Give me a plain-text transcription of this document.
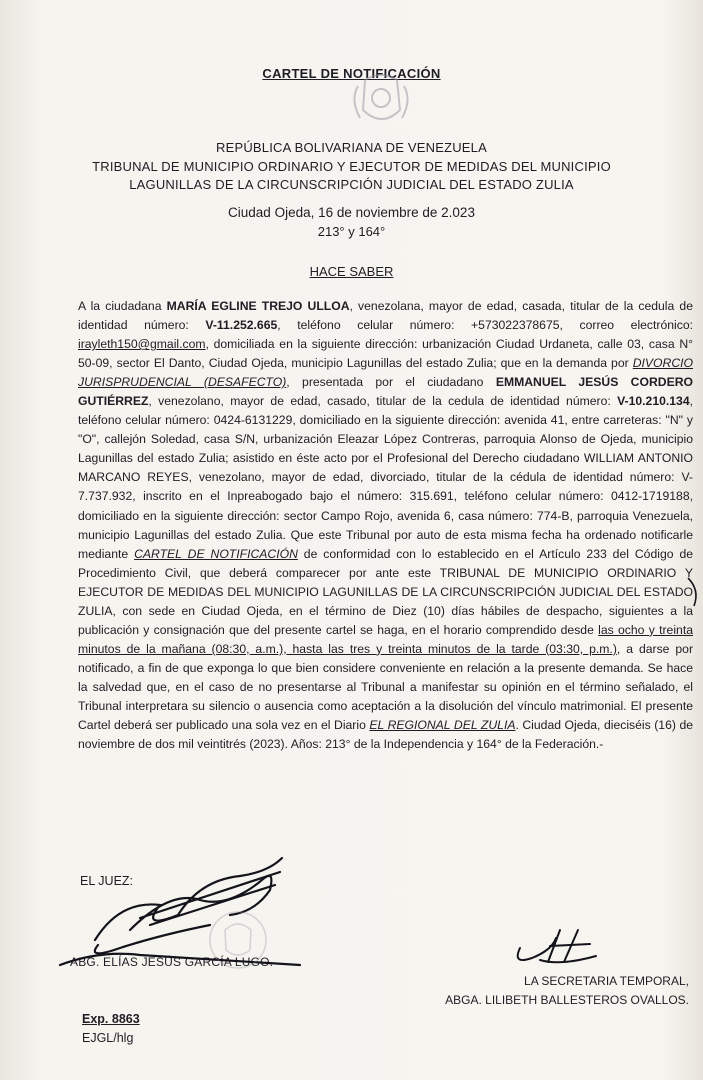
CARTEL DE NOTIFICACIÓN
REPÚBLICA BOLIVARIANA DE VENEZUELA
TRIBUNAL DE MUNICIPIO ORDINARIO Y EJECUTOR DE MEDIDAS DEL MUNICIPIO
LAGUNILLAS DE LA CIRCUNSCRIPCIÓN JUDICIAL DEL ESTADO ZULIA
Ciudad Ojeda, 16 de noviembre de 2.023
213° y 164°
HACE SABER
A la ciudadana MARÍA EGLINE TREJO ULLOA, venezolana, mayor de edad, casada, titular de la cedula de identidad número: V-11.252.665, teléfono celular número: +573022378675, correo electrónico: irayleth150@gmail.com, domiciliada en la siguiente dirección: urbanización Ciudad Urdaneta, calle 03, casa N° 50-09, sector El Danto, Ciudad Ojeda, municipio Lagunillas del estado Zulia; que en la demanda por DIVORCIO JURISPRUDENCIAL (DESAFECTO), presentada por el ciudadano EMMANUEL JESÚS CORDERO GUTIÉRREZ, venezolano, mayor de edad, casado, titular de la cedula de identidad número: V-10.210.134, teléfono celular número: 0424-6131229, domiciliado en la siguiente dirección: avenida 41, entre carreteras: "N" y "O", callejón Soledad, casa S/N, urbanización Eleazar López Contreras, parroquia Alonso de Ojeda, municipio Lagunillas del estado Zulia; asistido en éste acto por el Profesional del Derecho ciudadano WILLIAM ANTONIO MARCANO REYES, venezolano, mayor de edad, divorciado, titular de la cédula de identidad número: V-7.737.932, inscrito en el Inpreabogado bajo el número: 315.691, teléfono celular número: 0412-1719188, domiciliado en la siguiente dirección: sector Campo Rojo, avenida 6, casa número: 774-B, parroquia Venezuela, municipio Lagunillas del estado Zulia. Que este Tribunal por auto de esta misma fecha ha ordenado notificarle mediante CARTEL DE NOTIFICACIÓN de conformidad con lo establecido en el Artículo 233 del Código de Procedimiento Civil, que deberá comparecer por ante este TRIBUNAL DE MUNICIPIO ORDINARIO Y EJECUTOR DE MEDIDAS DEL MUNICIPIO LAGUNILLAS DE LA CIRCUNSCRIPCIÓN JUDICIAL DEL ESTADO ZULIA, con sede en Ciudad Ojeda, en el término de Diez (10) días hábiles de despacho, siguientes a la publicación y consignación que del presente cartel se haga, en el horario comprendido desde las ocho y treinta minutos de la mañana (08:30, a.m.), hasta las tres y treinta minutos de la tarde (03:30, p.m.), a darse por notificado, a fin de que exponga lo que bien considere conveniente en relación a la presente demanda. Se hace la salvedad que, en el caso de no presentarse al Tribunal a manifestar su opinión en el término señalado, el Tribunal interpretara su silencio o ausencia como aceptación a la disolución del vínculo matrimonial. El presente Cartel deberá ser publicado una sola vez en el Diario EL REGIONAL DEL ZULIA. Ciudad Ojeda, dieciséis (16) de noviembre de dos mil veintitrés (2023). Años: 213° de la Independencia y 164° de la Federación.-
EL JUEZ:
ABG. ELÍAS JESÚS GARCÍA LUGO.
LA SECRETARIA TEMPORAL,
ABGA. LILIBETH BALLESTEROS OVALLOS.
Exp. 8863
EJGL/hlg
